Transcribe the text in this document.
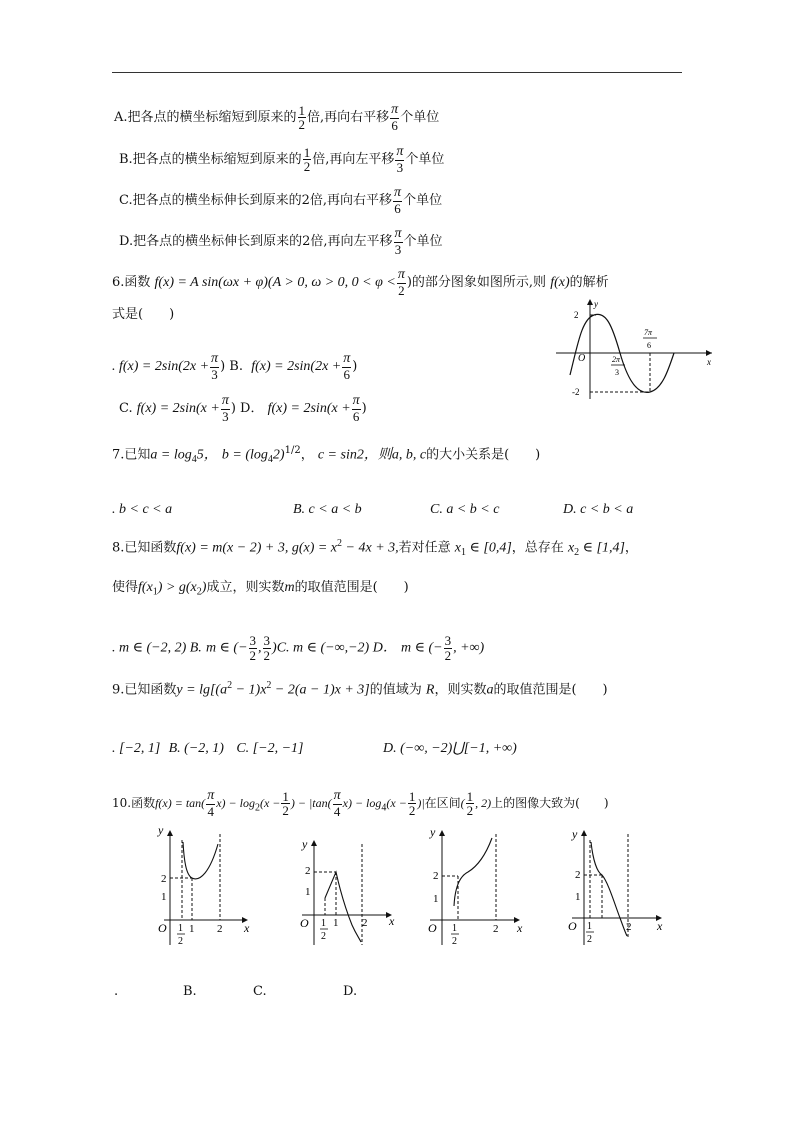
A.把各点的横坐标缩短到原来的 $\frac{1}{2}$ 倍,再向右平移 $\frac{\pi}{6}$ 个单位
B.把各点的横坐标缩短到原来的 $\frac{1}{2}$ 倍,再向左平移 $\frac{\pi}{3}$ 个单位
C.把各点的横坐标伸长到原来的2倍,再向右平移 $\frac{\pi}{6}$ 个单位
D.把各点的横坐标伸长到原来的2倍,再向左平移 $\frac{\pi}{3}$ 个单位
6.函数 f(x) = A sin(ωx + φ)(A > 0, ω > 0, $0 < \varphi < \frac{\pi}{2}$ )的部分图象如图所示,则 f(x)的解析
式是(　　)
y
x
2
-2
O	2π
3
7π
6
. $f(x) = 2\sin(2x + \frac{\pi}{3}$ ) B. $f(x) = 2\sin(2x + \frac{\pi}{6}$ )
C. $f(x) = 2\sin(x + \frac{\pi}{3}$ ) D． $f(x) = 2\sin(x + \frac{\pi}{6}$ )
7.已知$a = \log_45$， $b = (\log_42)^{1/2}$， c = sin2，则a, b, c的大小关系是(　　)
. b < c < a	B. c < a < b	C. a < b < c	D. c < b < a
8.已知函数f(x) = m(x − 2) + 3, $g(x) = x^2 - 4x + 3$,若对任意 $x_1$ ∈ [0,4]，总存在 $x_2$ ∈ [1,4]，
使得$f(x_1) > g(x_2)$成立，则实数m的取值范围是(　　)
. m ∈ (−2, 2) B. m ∈ (− $\frac{3}{2}$ , $\frac{3}{2} )C$. m ∈ (−∞,−2) D． m ∈ (− $\frac{3}{2}$ , +∞)
9.已知函数$y = \lg[(a^2 - 1)x^2 - 2(a - 1)x + 3]$的值域为 R，则实数a的取值范围是(　　)
. [−2, 1] B. (−2, 1) C. [−2, −1]	D. (−∞, −2)⋃[−1, +∞)
10.函数$f(x) = \tan( \frac{\pi}{4} x) - \log_2(x - \frac{1}{2}$ ) − $|\tan( \frac{\pi}{4} x) - \log_4(x - \frac{1}{2}$ )|在区间( $\frac{1}{2}$ , 2)上的图像大致为(　　)
y
x
O
2
1
1
2
1 2
y
x
O
2
1
1
2
1 2
y
x
O
2
1
1
2
2
y
x
O
2
1
1
2
2
.	B.	C.	D.
